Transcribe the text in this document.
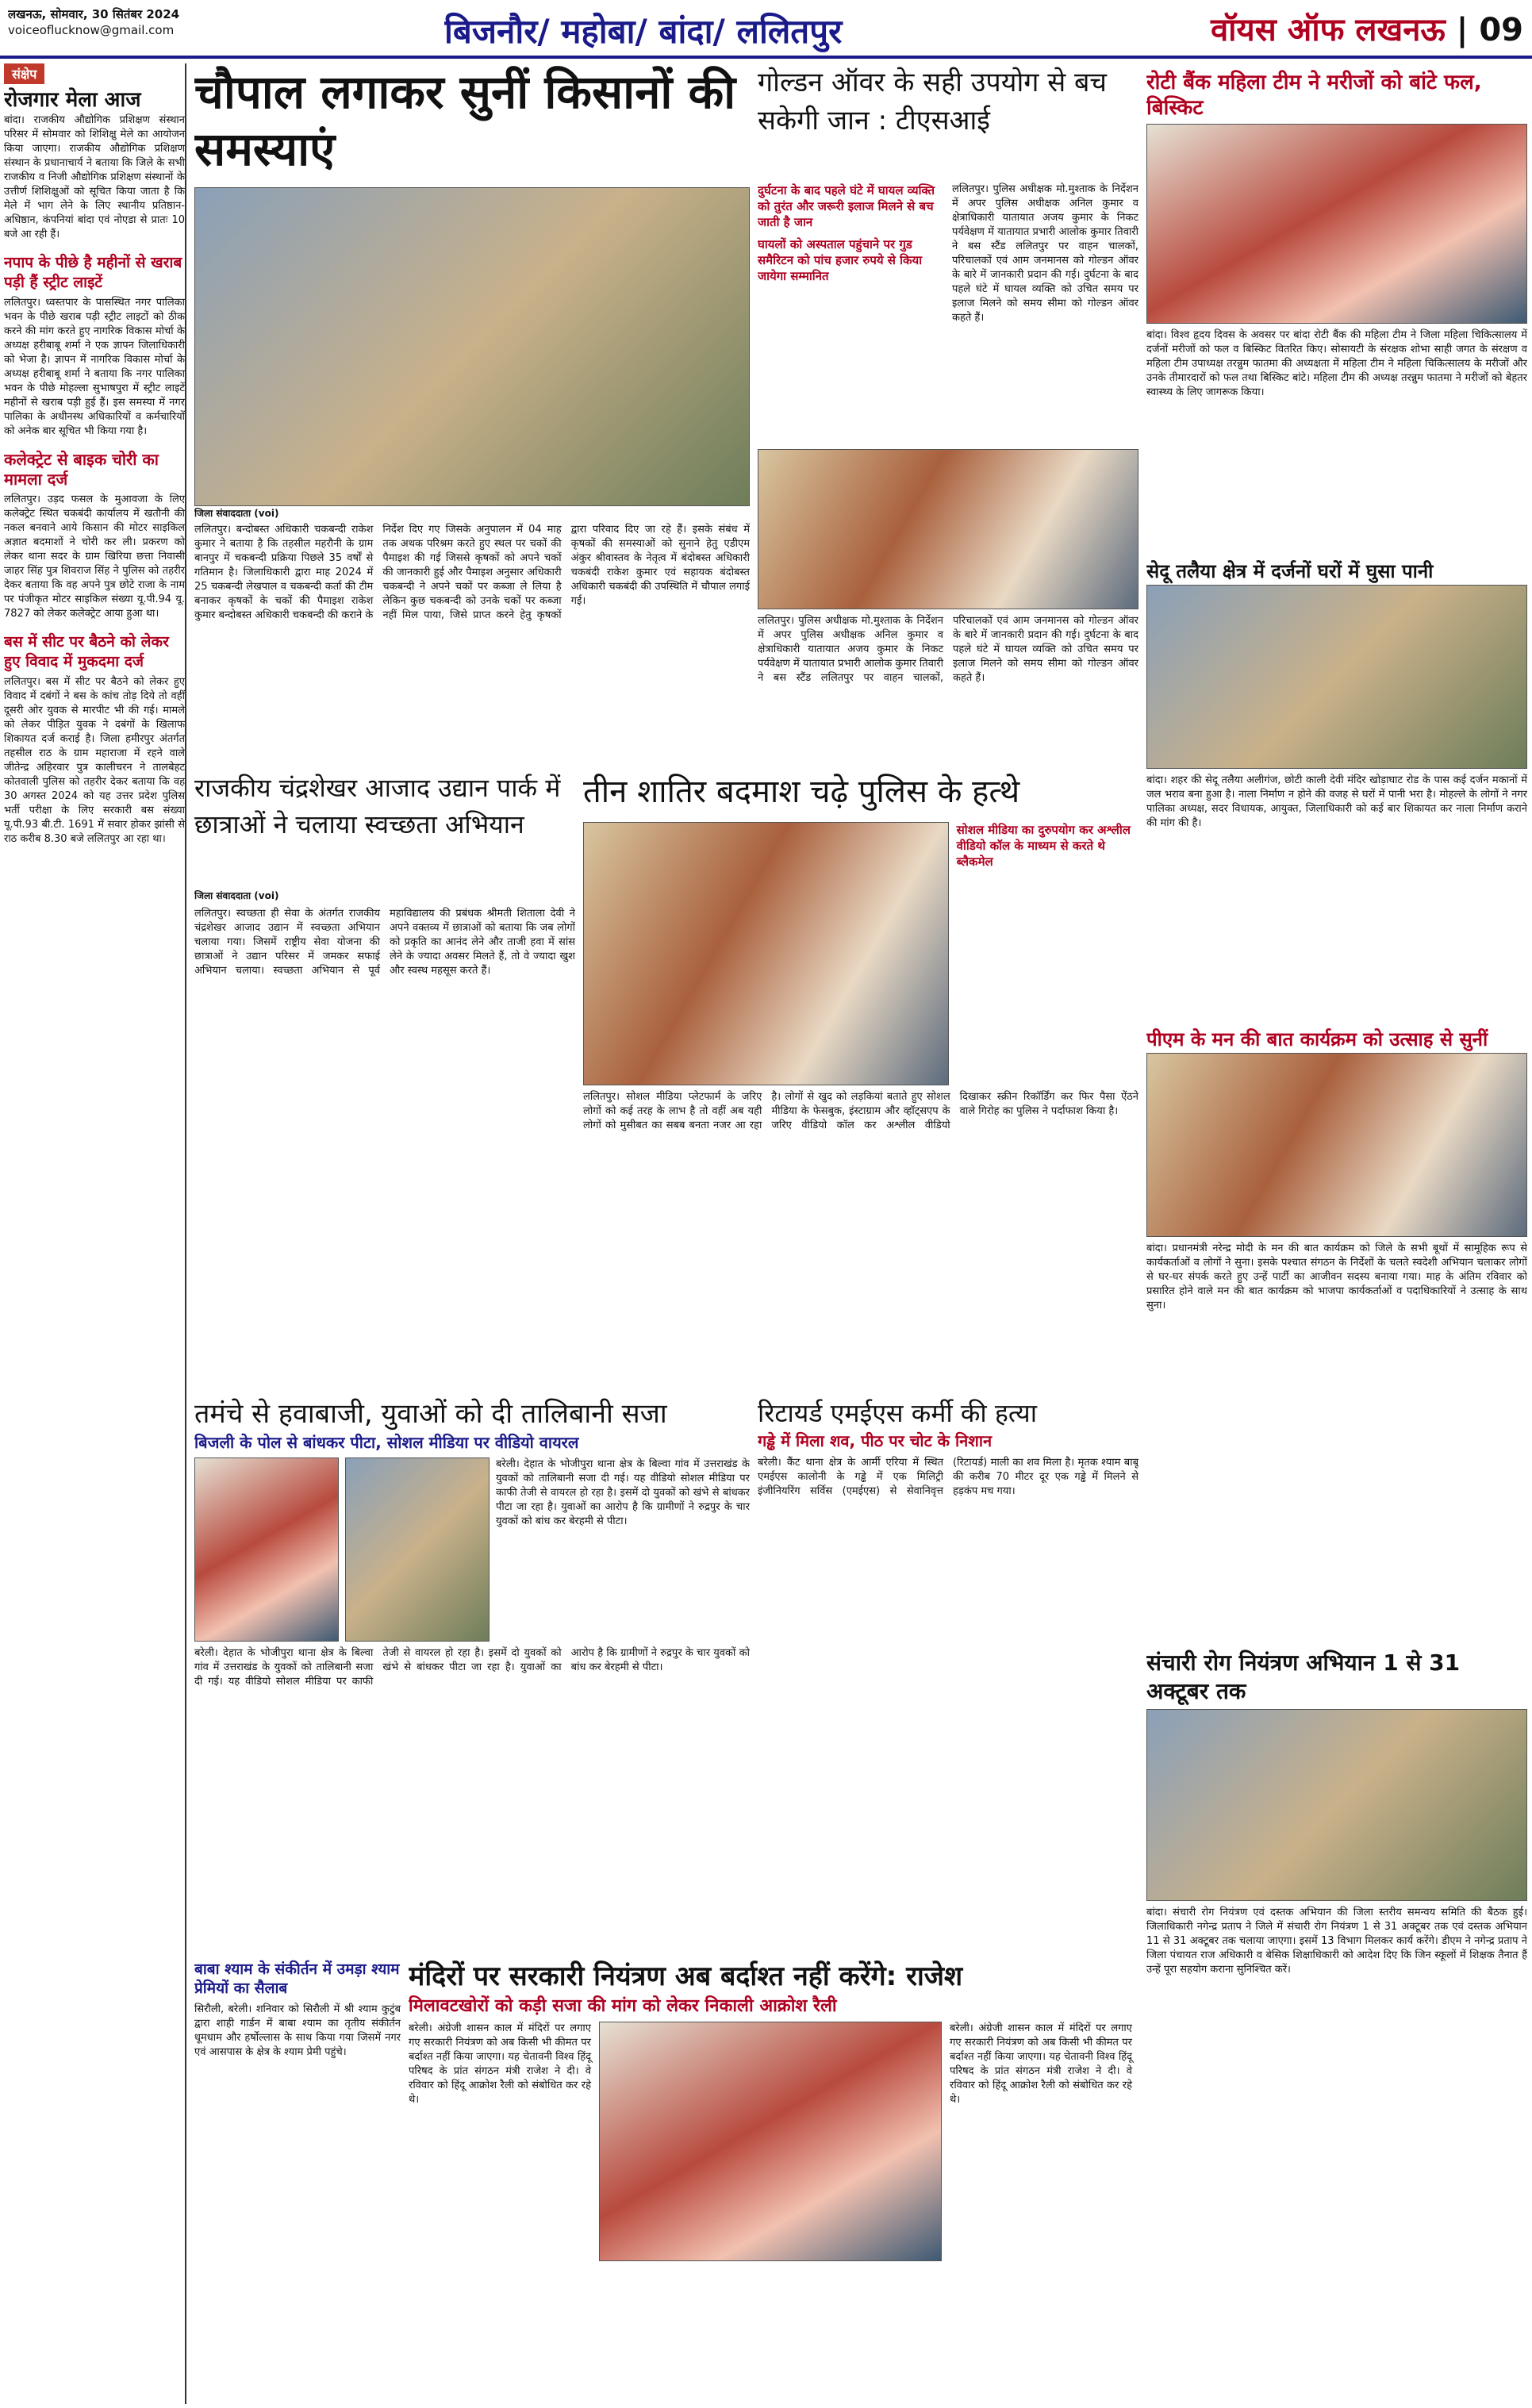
लखनऊ, सोमवार, 30 सितंबर 2024
voiceoflucknow@gmail.com	बिजनौर/ महोबा/ बांदा/ ललितपुर	वॉयस ऑफ लखनऊ | 09
संक्षेप
रोजगार मेला आज
बांदा। राजकीय औद्योगिक प्रशिक्षण संस्थान परिसर में सोमवार को शिशिक्षु मेले का आयोजन किया जाएगा। राजकीय औद्योगिक प्रशिक्षण संस्थान के प्रधानाचार्य ने बताया कि जिले के सभी राजकीय व निजी औद्योगिक प्रशिक्षण संस्थानों के उत्तीर्ण शिशिक्षुओं को सूचित किया जाता है कि मेले में भाग लेने के लिए स्थानीय प्रतिष्ठान-अधिष्ठान, कंपनियां बांदा एवं नोएडा से प्रातः 10 बजे आ रही हैं।
नपाप के पीछे है महीनों से खराब पड़ी हैं स्ट्रीट लाइटें
ललितपुर। ध्वस्तपार के पासस्थित नगर पालिका भवन के पीछे खराब पड़ी स्ट्रीट लाइटों को ठीक करने की मांग करते हुए नागरिक विकास मोर्चा के अध्यक्ष हरीबाबू शर्मा ने एक ज्ञापन जिलाधिकारी को भेजा है। ज्ञापन में नागरिक विकास मोर्चा के अध्यक्ष हरीबाबू शर्मा ने बताया कि नगर पालिका भवन के पीछे मोहल्ला सुभाषपुरा में स्ट्रीट लाइटें महीनों से खराब पड़ी हुई हैं। इस समस्या में नगर पालिका के अधीनस्थ अधिकारियों व कर्मचारियों को अनेक बार सूचित भी किया गया है।
कलेक्ट्रेट से बाइक चोरी का मामला दर्ज
ललितपुर। उड़द फसल के मुआवजा के लिए कलेक्ट्रेट स्थित चकबंदी कार्यालय में खतौनी की नकल बनवाने आये किसान की मोटर साइकिल अज्ञात बदमाशों ने चोरी कर ली। प्रकरण को लेकर थाना सदर के ग्राम खिरिया छत्ता निवासी जाहर सिंह पुत्र शिवराज सिंह ने पुलिस को तहरीर देकर बताया कि वह अपने पुत्र छोटे राजा के नाम पर पंजीकृत मोटर साइकिल संख्या यू.पी.94 यू. 7827 को लेकर कलेक्ट्रेट आया हुआ था।
बस में सीट पर बैठने को लेकर हुए विवाद में मुकदमा दर्ज
ललितपुर। बस में सीट पर बैठने को लेकर हुए विवाद में दबंगों ने बस के कांच तोड़ दिये तो वहीं दूसरी ओर युवक से मारपीट भी की गई। मामले को लेकर पीड़ित युवक ने दबंगों के खिलाफ शिकायत दर्ज कराई है। जिला हमीरपुर अंतर्गत तहसील राठ के ग्राम महाराजा में रहने वाले जीतेन्द्र अहिरवार पुत्र कालीचरन ने तालबेहट कोतवाली पुलिस को तहरीर देकर बताया कि वह 30 अगस्त 2024 को यह उत्तर प्रदेश पुलिस भर्ती परीक्षा के लिए सरकारी बस संख्या यू.पी.93 बी.टी. 1691 में सवार होकर झांसी से राठ करीब 8.30 बजे ललितपुर आ रहा था।
चौपाल लगाकर सुनीं किसानों की समस्याएं
जिला संवाददाता (voi)
ललितपुर। बन्दोबस्त अधिकारी चकबन्दी राकेश कुमार ने बताया है कि तहसील महरौनी के ग्राम बानपुर में चकबन्दी प्रक्रिया पिछले 35 वर्षों से गतिमान है। जिलाधिकारी द्वारा माह 2024 में 25 चकबन्दी लेखपाल व चकबन्दी कर्ता की टीम बनाकर कृषकों के चकों की पैमाइश राकेश कुमार बन्दोबस्त अधिकारी चकबन्दी की कराने के निर्देश दिए गए जिसके अनुपालन में 04 माह तक अथक परिश्रम करते हुए स्थल पर चकों की पैमाइश की गई जिससे कृषकों को अपने चकों की जानकारी हुई और पैमाइश अनुसार अधिकारी चकबन्दी ने अपने चकों पर कब्जा ले लिया है लेकिन कुछ चकबन्दी को उनके चकों पर कब्जा नहीं मिल पाया, जिसे प्राप्त करने हेतु कृषकों द्वारा परिवाद दिए जा रहे हैं। इसके संबंध में कृषकों की समस्याओं को सुनाने हेतु एडीएम अंकुर श्रीवास्तव के नेतृत्व में बंदोबस्त अधिकारी चकबंदी राकेश कुमार एवं सहायक बंदोबस्त अधिकारी चकबंदी की उपस्थिति में चौपाल लगाई गई।
गोल्डन ऑवर के सही उपयोग से बच सकेगी जान : टीएसआई
दुर्घटना के बाद पहले घंटे में घायल व्यक्ति को तुरंत और जरूरी इलाज मिलने से बच जाती है जान
घायलों को अस्पताल पहुंचाने पर गुड समैरिटन को पांच हजार रुपये से किया जायेगा सम्मानित
ललितपुर। पुलिस अधीक्षक मो.मुश्ताक के निर्देशन में अपर पुलिस अधीक्षक अनिल कुमार व क्षेत्राधिकारी यातायात अजय कुमार के निकट पर्यवेक्षण में यातायात प्रभारी आलोक कुमार तिवारी ने बस स्टैंड ललितपुर पर वाहन चालकों, परिचालकों एवं आम जनमानस को गोल्डन ऑवर के बारे में जानकारी प्रदान की गई। दुर्घटना के बाद पहले घंटे में घायल व्यक्ति को उचित समय पर इलाज मिलने को समय सीमा को गोल्डन ऑवर कहते हैं।
ललितपुर। पुलिस अधीक्षक मो.मुश्ताक के निर्देशन में अपर पुलिस अधीक्षक अनिल कुमार व क्षेत्राधिकारी यातायात अजय कुमार के निकट पर्यवेक्षण में यातायात प्रभारी आलोक कुमार तिवारी ने बस स्टैंड ललितपुर पर वाहन चालकों, परिचालकों एवं आम जनमानस को गोल्डन ऑवर के बारे में जानकारी प्रदान की गई। दुर्घटना के बाद पहले घंटे में घायल व्यक्ति को उचित समय पर इलाज मिलने को समय सीमा को गोल्डन ऑवर कहते हैं।
रोटी बैंक महिला टीम ने मरीजों को बांटे फल, बिस्किट
बांदा। विश्व हृदय दिवस के अवसर पर बांदा रोटी बैंक की महिला टीम ने जिला महिला चिकित्सालय में दर्जनों मरीजों को फल व बिस्किट वितरित किए। सोसायटी के संरक्षक शोभा साही जगत के संरक्षण व महिला टीम उपाध्यक्ष तरन्नुम फातमा की अध्यक्षता में महिला टीम ने महिला चिकित्सालय के मरीजों और उनके तीमारदारों को फल तथा बिस्किट बांटे। महिला टीम की अध्यक्ष तरन्नुम फातमा ने मरीजों को बेहतर स्वास्थ्य के लिए जागरूक किया।
सेदू तलैया क्षेत्र में दर्जनों घरों में घुसा पानी
बांदा। शहर की सेदू तलैया अलीगंज, छोटी काली देवी मंदिर खोड़ाघाट रोड के पास कई दर्जन मकानों में जल भराव बना हुआ है। नाला निर्माण न होने की वजह से घरों में पानी भरा है। मोहल्ले के लोगों ने नगर पालिका अध्यक्ष, सदर विधायक, आयुक्त, जिलाधिकारी को कई बार शिकायत कर नाला निर्माण कराने की मांग की है।
पीएम के मन की बात कार्यक्रम को उत्साह से सुनीं
बांदा। प्रधानमंत्री नरेन्द्र मोदी के मन की बात कार्यक्रम को जिले के सभी बूथों में सामूहिक रूप से कार्यकर्ताओं व लोगों ने सुना। इसके पश्चात संगठन के निर्देशों के चलते स्वदेशी अभियान चलाकर लोगों से घर-घर संपर्क करते हुए उन्हें पार्टी का आजीवन सदस्य बनाया गया। माह के अंतिम रविवार को प्रसारित होने वाले मन की बात कार्यक्रम को भाजपा कार्यकर्ताओं व पदाधिकारियों ने उत्साह के साथ सुना।
संचारी रोग नियंत्रण अभियान 1 से 31 अक्टूबर तक
बांदा। संचारी रोग नियंत्रण एवं दस्तक अभियान की जिला स्तरीय समन्वय समिति की बैठक हुई। जिलाधिकारी नगेन्द्र प्रताप ने जिले में संचारी रोग नियंत्रण 1 से 31 अक्टूबर तक एवं दस्तक अभियान 11 से 31 अक्टूबर तक चलाया जाएगा। इसमें 13 विभाग मिलकर कार्य करेंगे। डीएम ने नगेन्द्र प्रताप ने जिला पंचायत राज अधिकारी व बेसिक शिक्षाधिकारी को आदेश दिए कि जिन स्कूलों में शिक्षक तैनात हैं उन्हें पूरा सहयोग कराना सुनिश्चित करें।
राजकीय चंद्रशेखर आजाद उद्यान पार्क में छात्राओं ने चलाया स्वच्छता अभियान
जिला संवाददाता (voi)
ललितपुर। स्वच्छता ही सेवा के अंतर्गत राजकीय चंद्रशेखर आजाद उद्यान में स्वच्छता अभियान चलाया गया। जिसमें राष्ट्रीय सेवा योजना की छात्राओं ने उद्यान परिसर में जमकर सफाई अभियान चलाया। स्वच्छता अभियान से पूर्व महाविद्यालय की प्रबंधक श्रीमती शिताला देवी ने अपने वक्तव्य में छात्राओं को बताया कि जब लोगों को प्रकृति का आनंद लेने और ताजी हवा में सांस लेने के ज्यादा अवसर मिलते हैं, तो वे ज्यादा खुश और स्वस्थ महसूस करते हैं।
तीन शातिर बदमाश चढ़े पुलिस के हत्थे
सोशल मीडिया का दुरुपयोग कर अश्लील वीडियो कॉल के माध्यम से करते थे ब्लैकमेल
ललितपुर। सोशल मीडिया प्लेटफार्म के जरिए लोगों को कई तरह के लाभ है तो वहीं अब यही लोगों को मुसीबत का सबब बनता नजर आ रहा है। लोगों से खुद को लड़कियां बताते हुए सोशल मीडिया के फेसबुक, इंस्टाग्राम और व्हॉट्सएप के जरिए वीडियो कॉल कर अश्लील वीडियो दिखाकर स्क्रीन रिकॉर्डिंग कर फिर पैसा ऐंठने वाले गिरोह का पुलिस ने पर्दाफाश किया है।
तमंचे से हवाबाजी, युवाओं को दी तालिबानी सजा
बिजली के पोल से बांधकर पीटा, सोशल मीडिया पर वीडियो वायरल
बरेली। देहात के भोजीपुरा थाना क्षेत्र के बिल्वा गांव में उत्तराखंड के युवकों को तालिबानी सजा दी गई। यह वीडियो सोशल मीडिया पर काफी तेजी से वायरल हो रहा है। इसमें दो युवकों को खंभे से बांधकर पीटा जा रहा है। युवाओं का आरोप है कि ग्रामीणों ने रुद्रपुर के चार युवकों को बांध कर बेरहमी से पीटा।
बरेली। देहात के भोजीपुरा थाना क्षेत्र के बिल्वा गांव में उत्तराखंड के युवकों को तालिबानी सजा दी गई। यह वीडियो सोशल मीडिया पर काफी तेजी से वायरल हो रहा है। इसमें दो युवकों को खंभे से बांधकर पीटा जा रहा है। युवाओं का आरोप है कि ग्रामीणों ने रुद्रपुर के चार युवकों को बांध कर बेरहमी से पीटा।
रिटायर्ड एमईएस कर्मी की हत्या
गड्ढे में मिला शव, पीठ पर चोट के निशान
बरेली। कैंट थाना क्षेत्र के आर्मी एरिया में स्थित एमईएस कालोनी के गड्ढे में एक मिलिट्री इंजीनियरिंग सर्विस (एमईएस) से सेवानिवृत्त (रिटायर्ड) माली का शव मिला है। मृतक श्याम बाबू की करीब 70 मीटर दूर एक गड्ढे में मिलने से हड़कंप मच गया।
बाबा श्याम के संकीर्तन में उमड़ा श्याम प्रेमियों का सैलाब
सिरौली, बरेली। शनिवार को सिरौली में श्री श्याम कुटुंब द्वारा शाही गार्डन में बाबा श्याम का तृतीय संकीर्तन धूमधाम और हर्षोल्लास के साथ किया गया जिसमें नगर एवं आसपास के क्षेत्र के श्याम प्रेमी पहुंचे।
मंदिरों पर सरकारी नियंत्रण अब बर्दाश्त नहीं करेंगे: राजेश
मिलावटखोरों को कड़ी सजा की मांग को लेकर निकाली आक्रोश रैली
बरेली। अंग्रेजी शासन काल में मंदिरों पर लगाए गए सरकारी नियंत्रण को अब किसी भी कीमत पर बर्दाश्त नहीं किया जाएगा। यह चेतावनी विश्व हिंदू परिषद के प्रांत संगठन मंत्री राजेश ने दी। वे रविवार को हिंदू आक्रोश रैली को संबोधित कर रहे थे।
बरेली। अंग्रेजी शासन काल में मंदिरों पर लगाए गए सरकारी नियंत्रण को अब किसी भी कीमत पर बर्दाश्त नहीं किया जाएगा। यह चेतावनी विश्व हिंदू परिषद के प्रांत संगठन मंत्री राजेश ने दी। वे रविवार को हिंदू आक्रोश रैली को संबोधित कर रहे थे।
